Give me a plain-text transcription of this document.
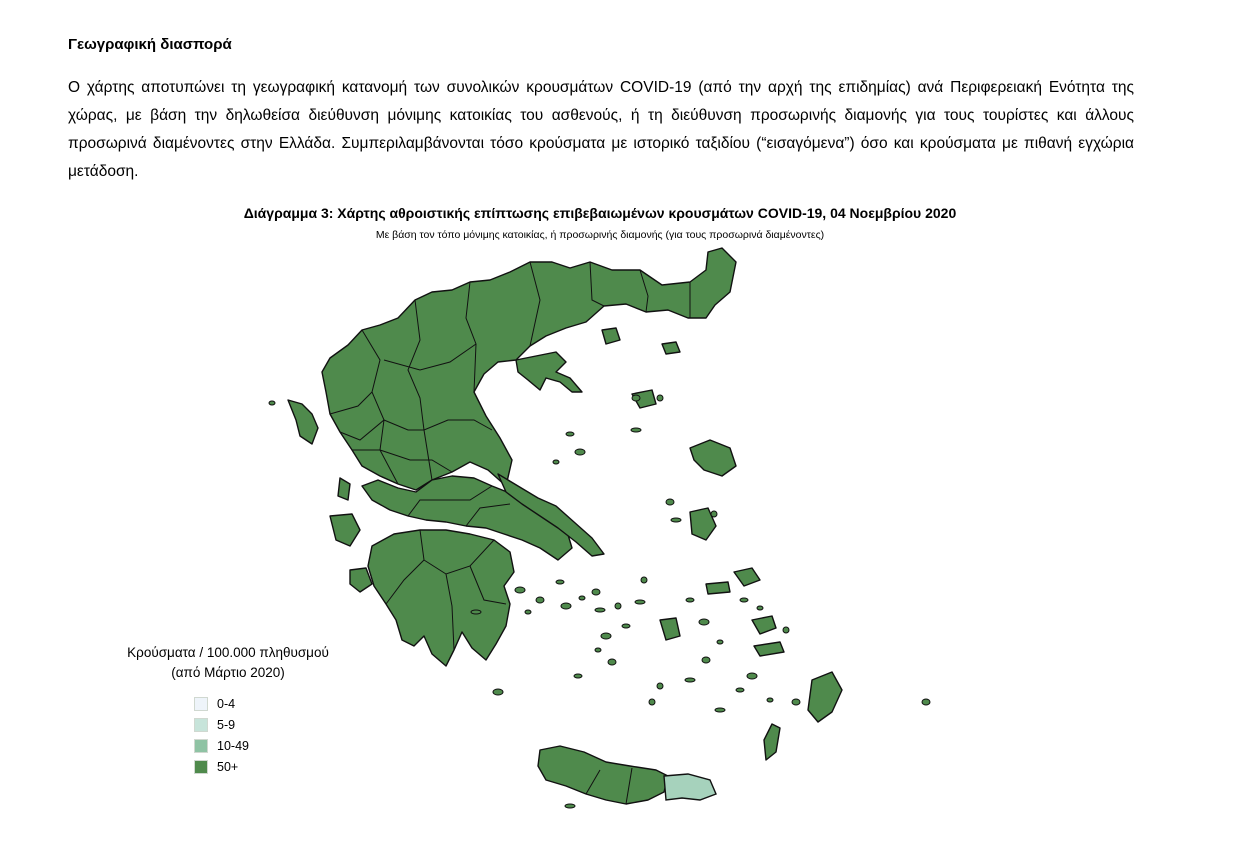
Γεωγραφική διασπορά
Ο χάρτης αποτυπώνει τη γεωγραφική κατανομή των συνολικών κρουσμάτων COVID-19 (από την αρχή της επιδημίας) ανά Περιφερειακή Ενότητα της χώρας, με βάση την δηλωθείσα διεύθυνση μόνιμης κατοικίας του ασθενούς, ή τη διεύθυνση προσωρινής διαμονής για τους τουρίστες και άλλους προσωρινά διαμένοντες στην Ελλάδα. Συμπεριλαμβάνονται τόσο κρούσματα με ιστορικό ταξιδίου (“εισαγόμενα”) όσο και κρούσματα με πιθανή εγχώρια μετάδοση.
Διάγραμμα 3: Χάρτης αθροιστικής επίπτωσης επιβεβαιωμένων κρουσμάτων COVID-19, 04 Νοεμβρίου 2020
Με βάση τον τόπο μόνιμης κατοικίας, ή προσωρινής διαμονής (για τους προσωρινά διαμένοντες)
Κρούσματα / 100.000 πληθυσμού
(από Μάρτιο 2020)
0-4
5-9
10-49
50+
